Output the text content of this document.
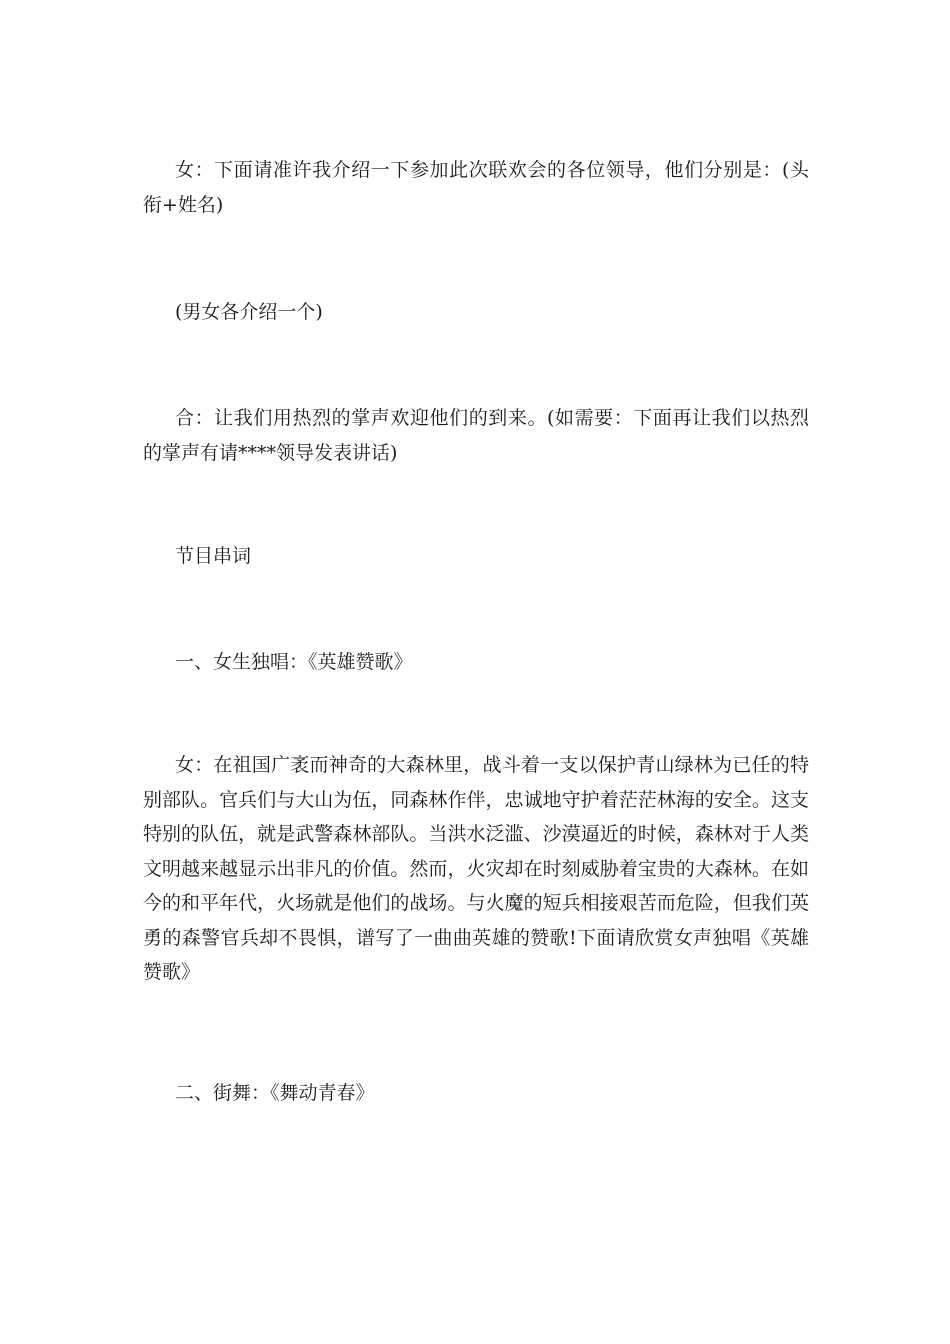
女：下面请准许我介绍一下参加此次联欢会的各位领导，他们分别是：(头衔+姓名)

(男女各介绍一个)

合：让我们用热烈的掌声欢迎他们的到来。(如需要：下面再让我们以热烈的掌声有请****领导发表讲话)

节目串词

一、女生独唱：《英雄赞歌》

女：在祖国广袤而神奇的大森林里，战斗着一支以保护青山绿林为已任的特别部队。官兵们与大山为伍，同森林作伴，忠诚地守护着茫茫林海的安全。这支特别的队伍，就是武警森林部队。当洪水泛滥、沙漠逼近的时候，森林对于人类文明越来越显示出非凡的价值。然而，火灾却在时刻威胁着宝贵的大森林。在如今的和平年代，火场就是他们的战场。与火魔的短兵相接艰苦而危险，但我们英勇的森警官兵却不畏惧，谱写了一曲曲英雄的赞歌!下面请欣赏女声独唱《英雄赞歌》

二、街舞：《舞动青春》
